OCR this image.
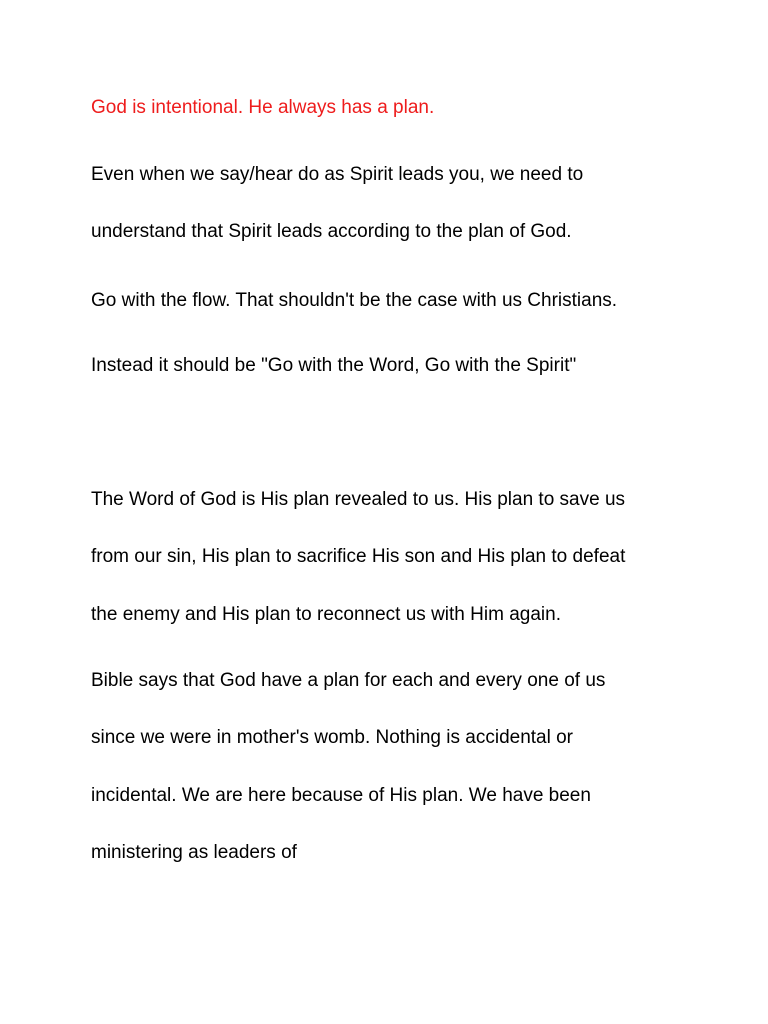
God is intentional. He always has a plan.
Even when we say/hear do as Spirit leads you, we need to
understand that Spirit leads according to the plan of God.
Go with the flow. That shouldn't be the case with us Christians.
Instead it should be "Go with the Word, Go with the Spirit"
The Word of God is His plan revealed to us. His plan to save us
from our sin, His plan to sacrifice His son and His plan to defeat
the enemy and His plan to reconnect us with Him again.
Bible says that God have a plan for each and every one of us
since we were in mother's womb. Nothing is accidental or
incidental. We are here because of His plan. We have been
ministering as leaders of
